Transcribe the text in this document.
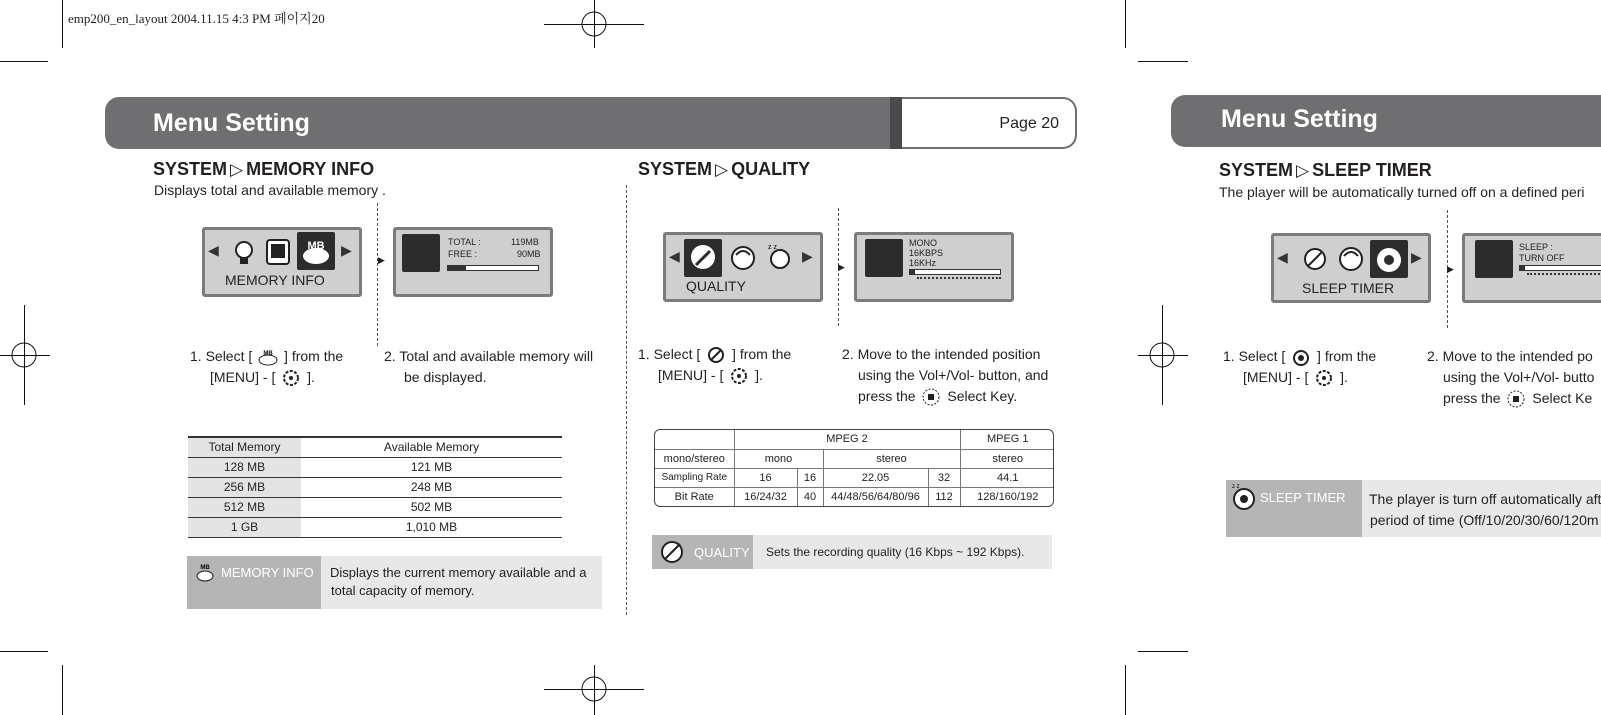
emp200_en_layout 2004.11.15 4:3 PM 페이지20
Menu Setting	Page 20
SYSTEM ▷ MEMORY INFO
Displays total and available memory .
◀	MB ▶
MEMORY INFO
▶
TOTAL :	119MB
FREE :	90MB
1. Select [ MB ] from the
[MENU] - [ ].
2. Total and available memory will
be displayed.
Total Memory	Available Memory
128 MB	121 MB
256 MB	248 MB
512 MB	502 MB
1 GB	1,010 MB
MB MEMORY INFO Displays the current memory available and a
total capacity of memory.
SYSTEM ▷ QUALITY
◀
z z
▶
QUALITY
▶
MONO
16KBPS
16KHz
1. Select [ ] from the
[MENU] - [ ].
2. Move to the intended position
using the Vol+/Vol- button, and
press the Select Key.
	MPEG 2				MPEG 1
mono/stereo	mono		stereo		stereo
Sampling Rate	16	16	22.05	32	44.1
Bit Rate	16/24/32	40	44/48/56/64/80/96	112	128/160/192
QUALITY Sets the recording quality (16 Kbps ~ 192 Kbps).
Menu Setting
SYSTEM ▷ SLEEP TIMER
The player will be automatically turned off on a defined peri
◀	▶
SLEEP TIMER
▶
SLEEP :
TURN OFF
1. Select [ ] from the
[MENU] - [ ].
2. Move to the intended po
using the Vol+/Vol- butto
press the Select Ke
z z
SLEEP TIMER The player is turn off automatically aft
period of time (Off/10/20/30/60/120m
